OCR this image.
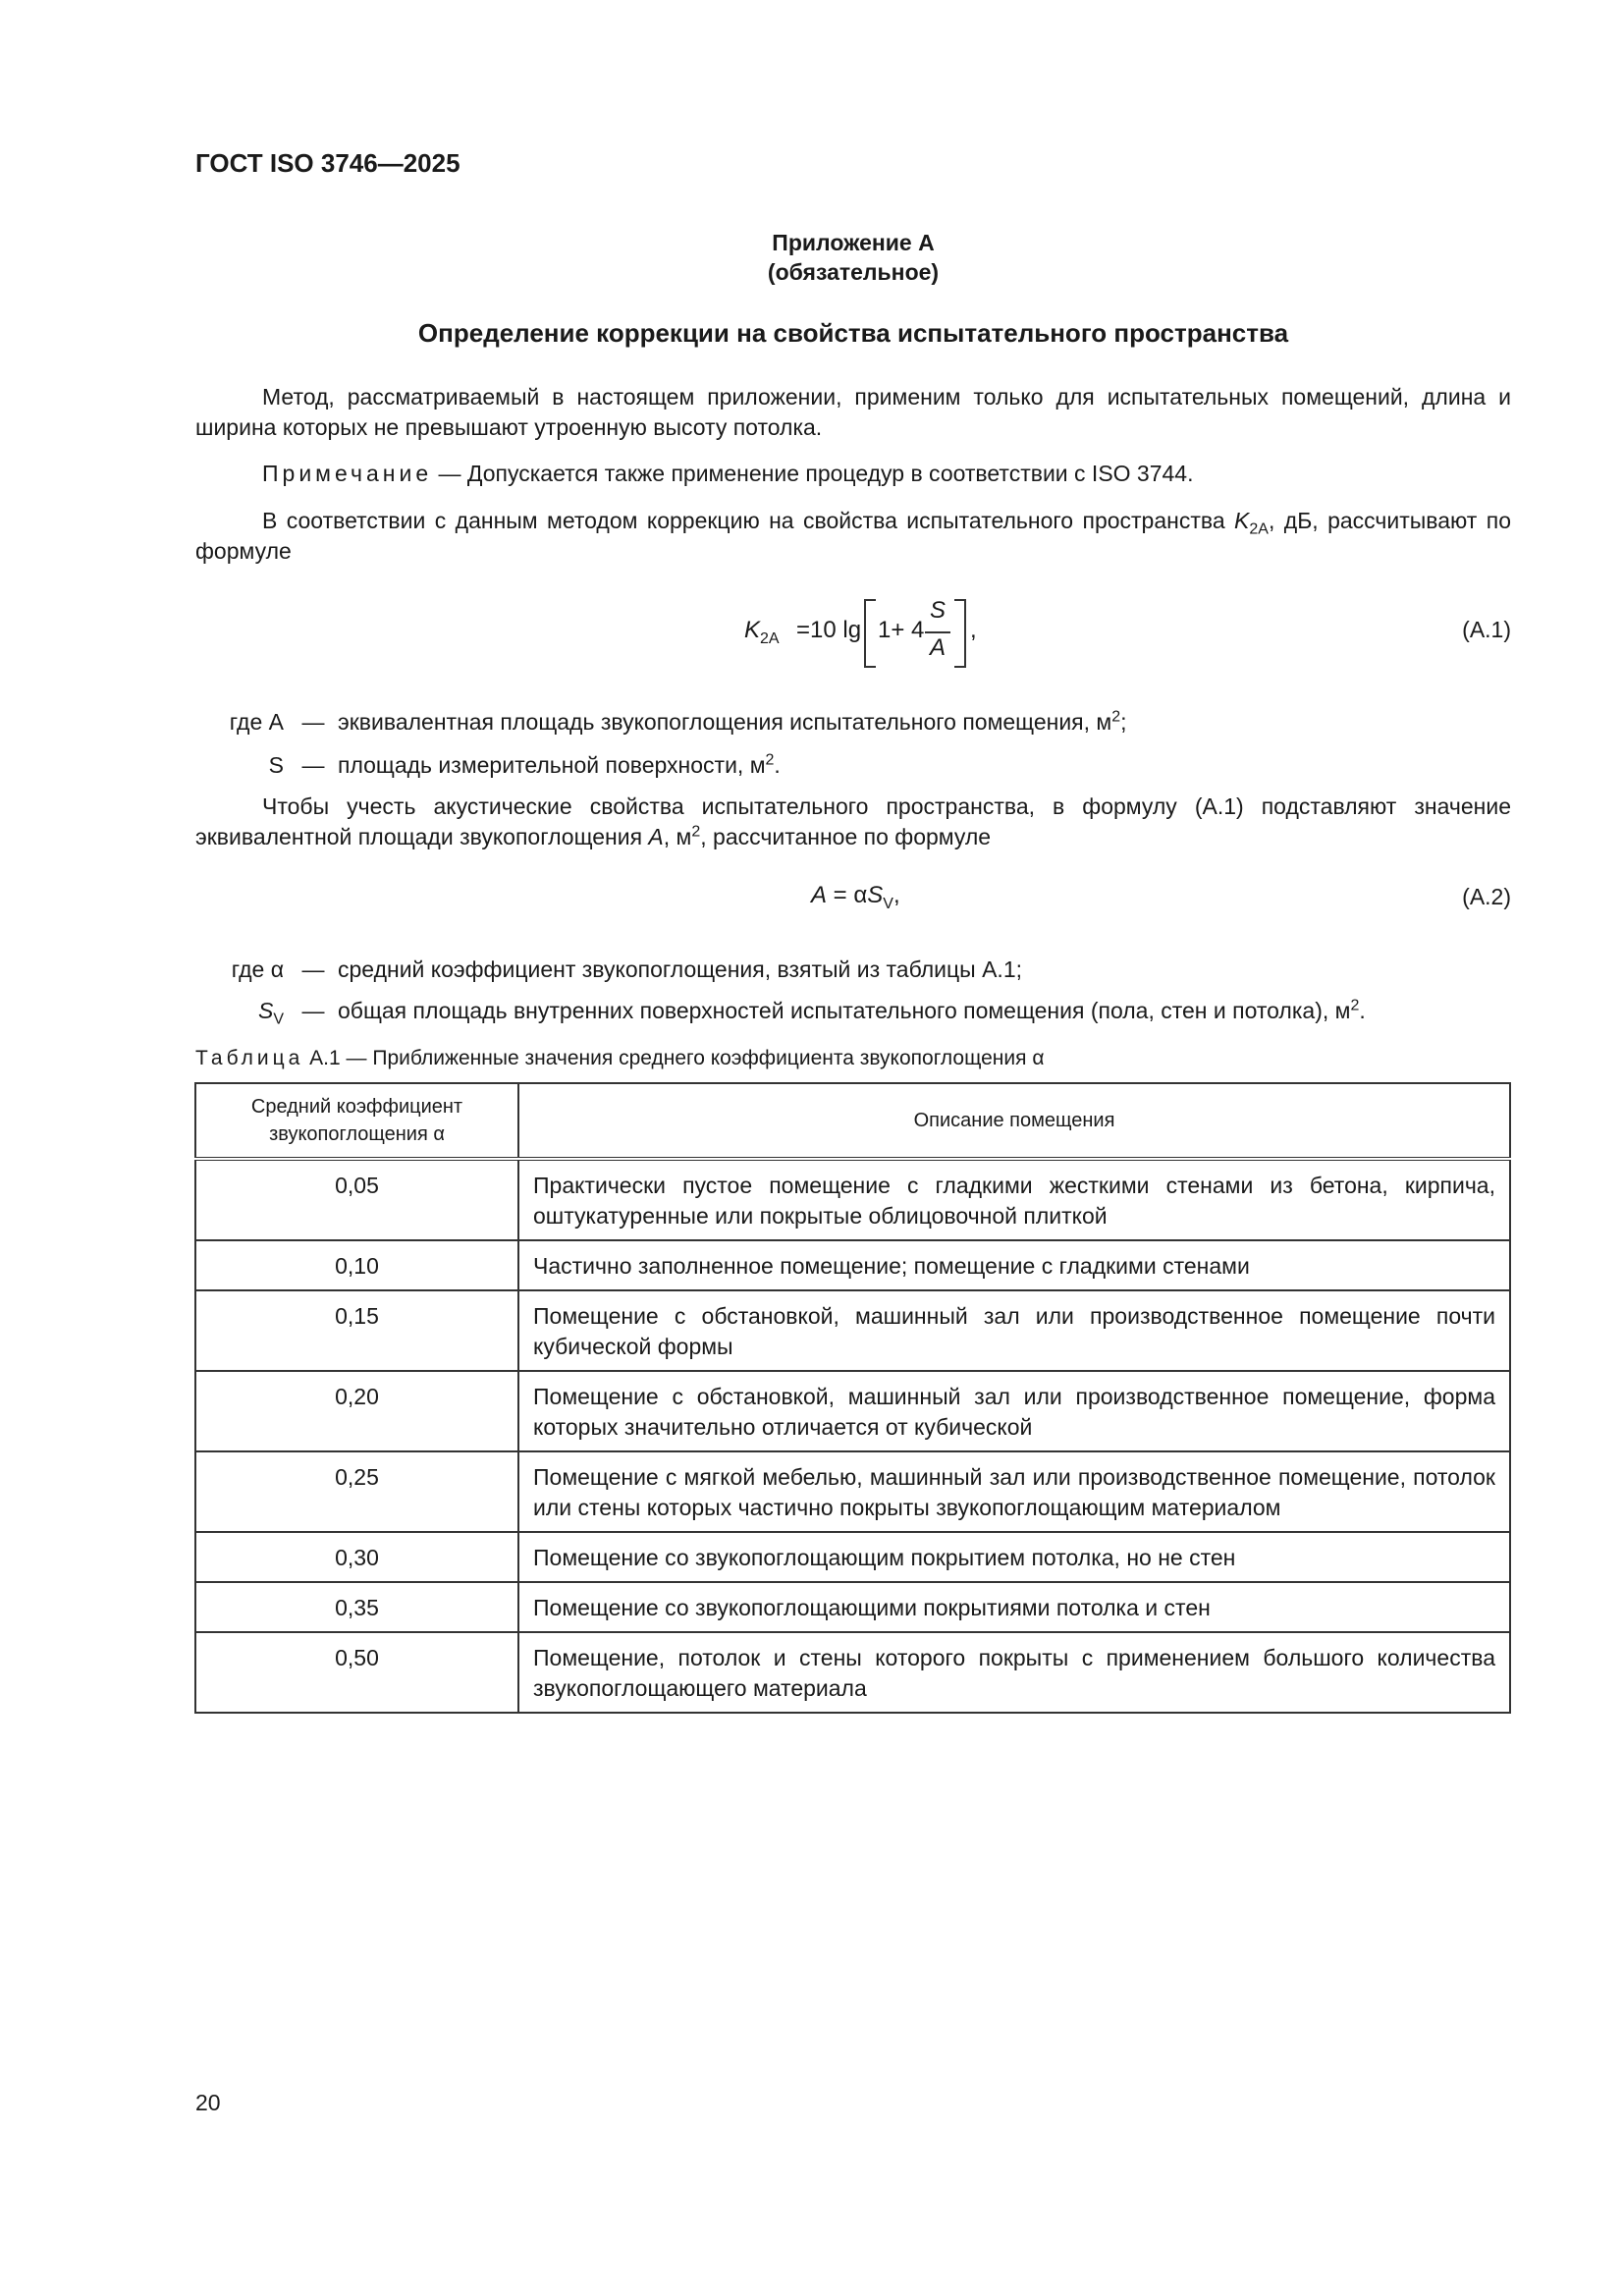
ГОСТ ISO 3746—2025
Приложение А
(обязательное)
Определение коррекции на свойства испытательного пространства
Метод, рассматриваемый в настоящем приложении, применим только для испытательных помещений, длина и ширина которых не превышают утроенную высоту потолка.
Примечание — Допускается также применение процедур в соответствии с ISO 3744.
В соответствии с данным методом коррекцию на свойства испытательного пространства $K_{2A}$, дБ, рассчитывают по формуле
$K_{2A} =10$ lg 1+ 4
S
A
,	(А.1)
где A — эквивалентная площадь звукопоглощения испытательного помещения, $м^2$;
S — площадь измерительной поверхности, $м^2$.
Чтобы учесть акустические свойства испытательного пространства, в формулу (А.1) подставляют значение эквивалентной площади звукопоглощения A, $м^2$, рассчитанное по формуле
$A = \alpha S_V$,	(А.2)
где α — средний коэффициент звукопоглощения, взятый из таблицы А.1;
$S_V$ — общая площадь внутренних поверхностей испытательного помещения (пола, стен и потолка), $м^2$.
Таблица А.1 — Приближенные значения среднего коэффициента звукопоглощения α
Средний коэффициент звукопоглощения α	Описание помещения
0,05	Практически пустое помещение с гладкими жесткими стенами из бетона, кирпича, оштукатуренные или покрытые облицовочной плиткой
0,10	Частично заполненное помещение; помещение с гладкими стенами
0,15	Помещение с обстановкой, машинный зал или производственное помещение почти кубической формы
0,20	Помещение с обстановкой, машинный зал или производственное помещение, форма которых значительно отличается от кубической
0,25	Помещение с мягкой мебелью, машинный зал или производственное помещение, потолок или стены которых частично покрыты звукопоглощающим материалом
0,30	Помещение со звукопоглощающим покрытием потолка, но не стен
0,35	Помещение со звукопоглощающими покрытиями потолка и стен
0,50	Помещение, потолок и стены которого покрыты с применением большого количества звукопоглощающего материала
20
